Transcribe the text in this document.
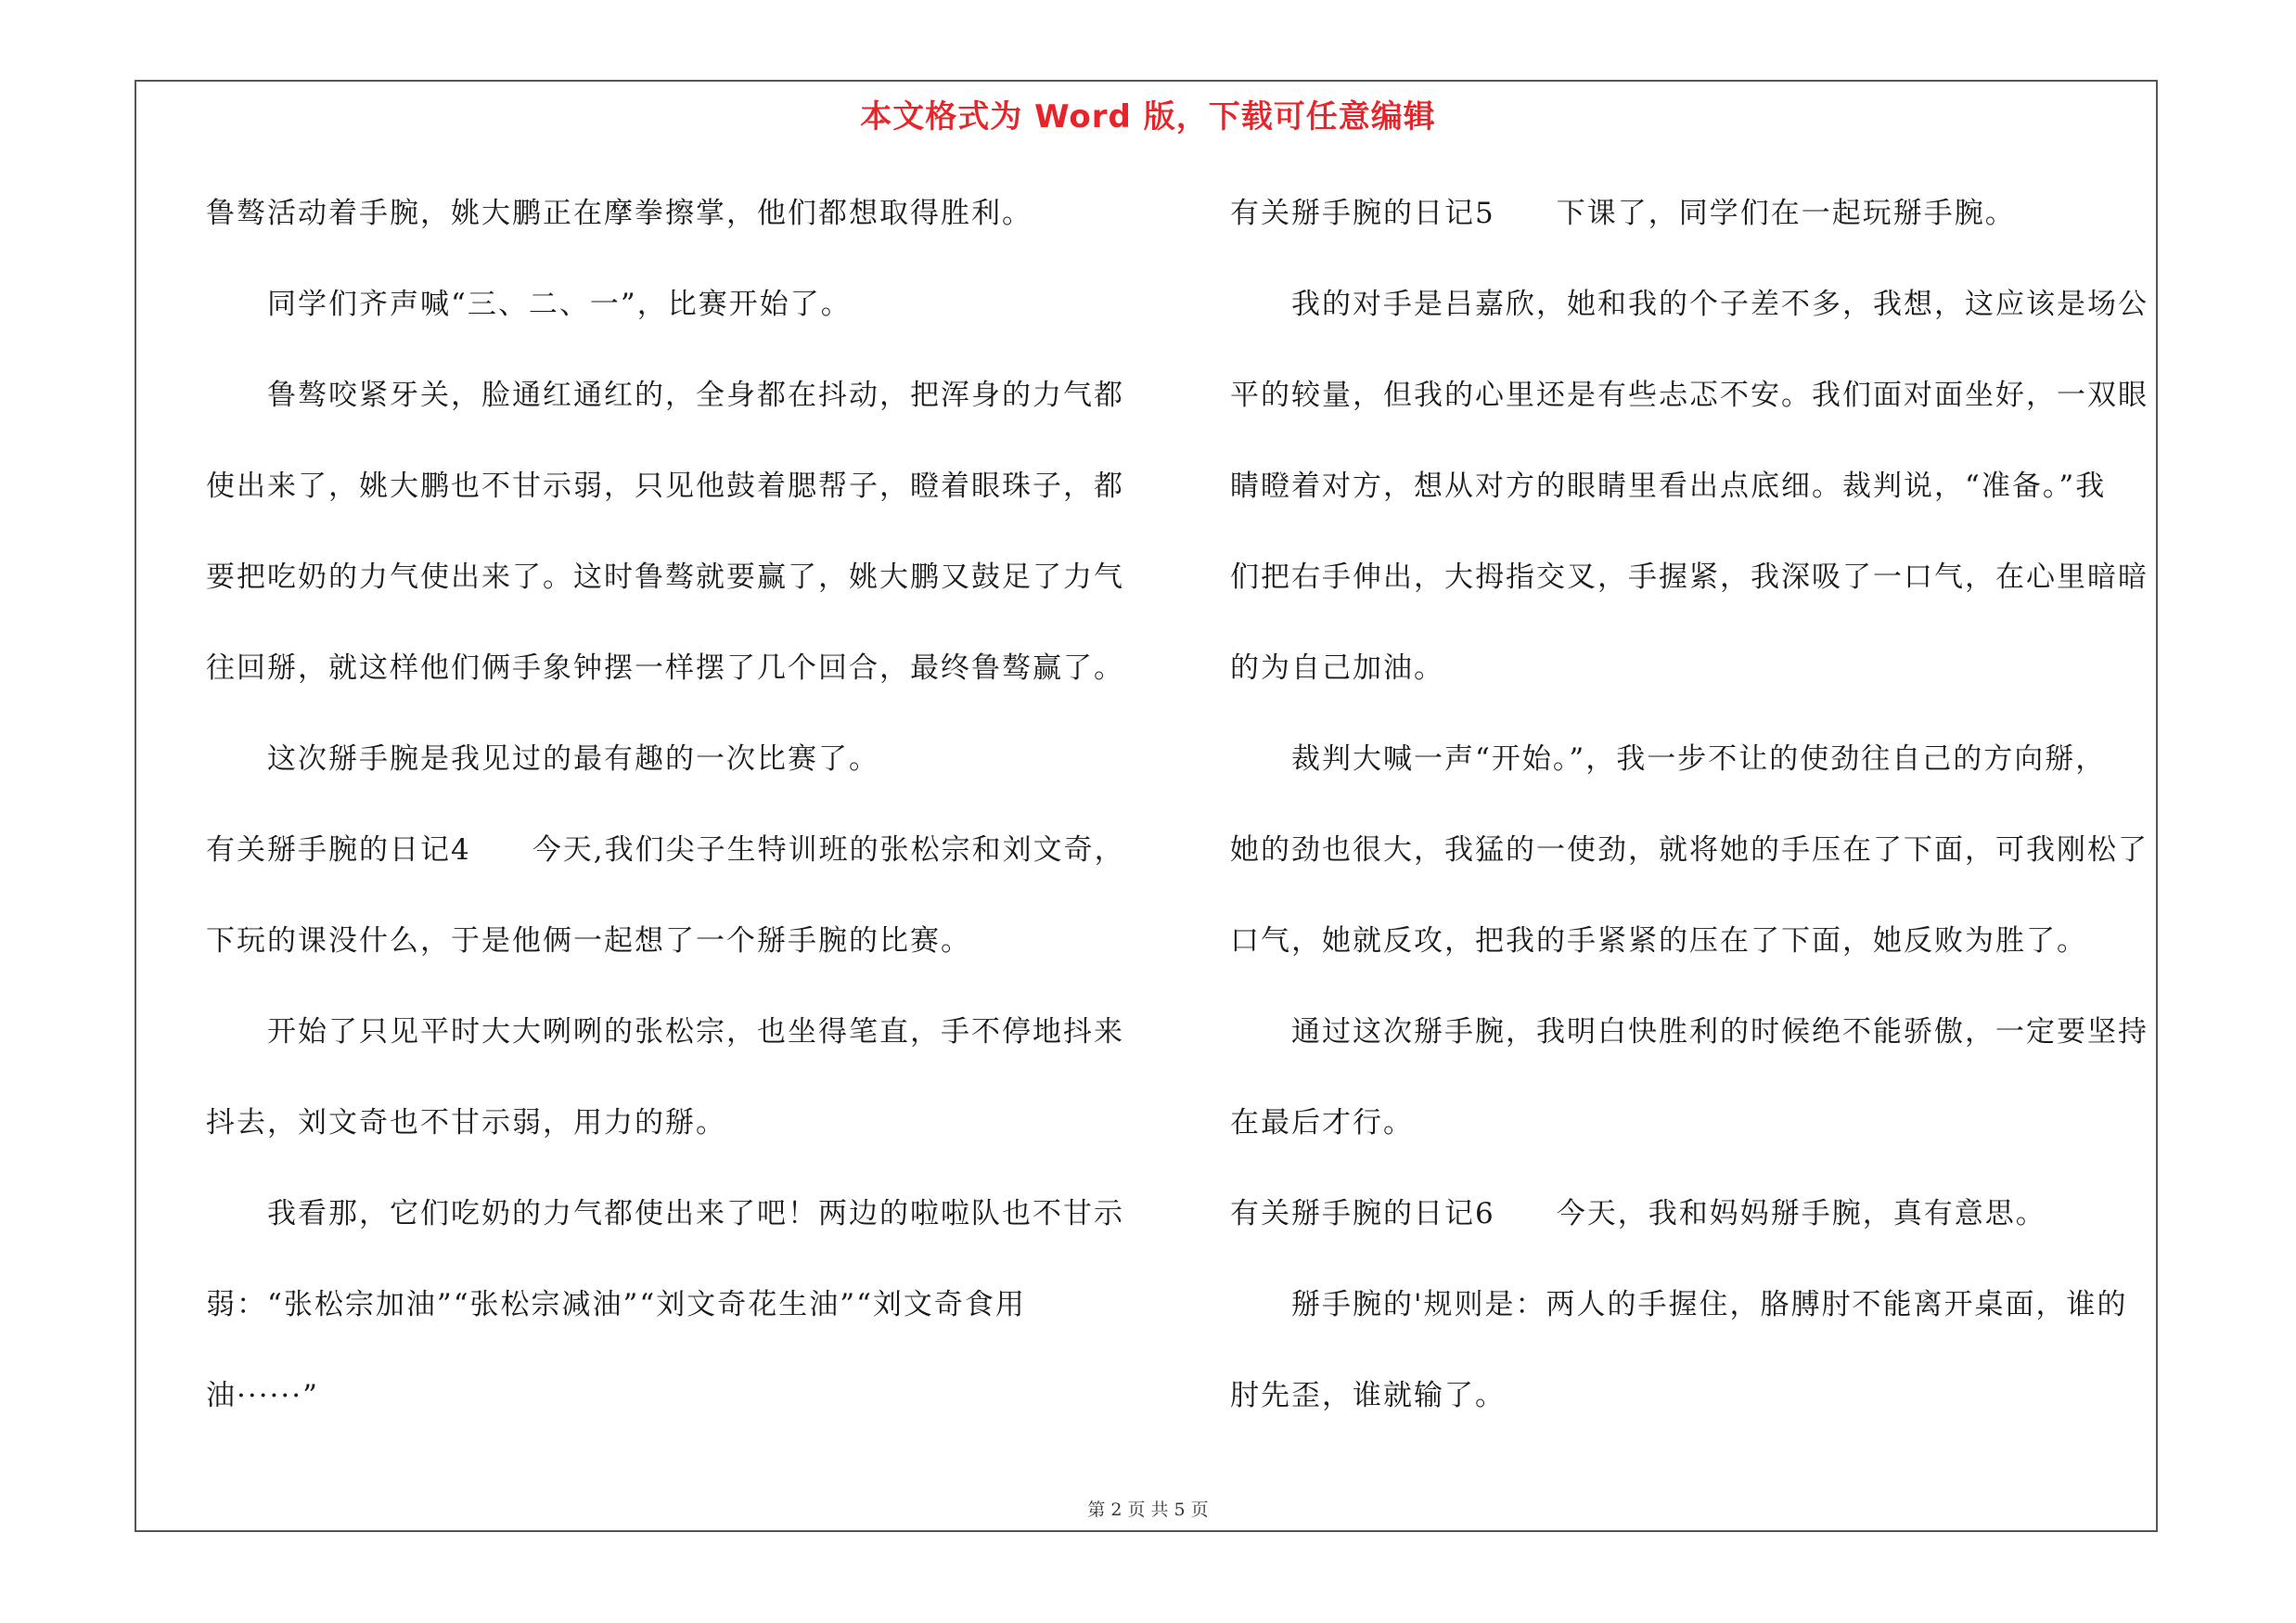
本文格式为 Word 版，下载可任意编辑
鲁骜活动着手腕，姚大鹏正在摩拳擦掌，他们都想取得胜利。
同学们齐声喊“三、二、一”，比赛开始了。
鲁骜咬紧牙关，脸通红通红的，全身都在抖动，把浑身的力气都
使出来了，姚大鹏也不甘示弱，只见他鼓着腮帮子，瞪着眼珠子，都
要把吃奶的力气使出来了。这时鲁骜就要赢了，姚大鹏又鼓足了力气
往回掰，就这样他们俩手象钟摆一样摆了几个回合，最终鲁骜赢了。
这次掰手腕是我见过的最有趣的一次比赛了。
有关掰手腕的日记4　　今天,我们尖子生特训班的张松宗和刘文奇，
下玩的课没什么，于是他俩一起想了一个掰手腕的比赛。
开始了只见平时大大咧咧的张松宗，也坐得笔直，手不停地抖来
抖去，刘文奇也不甘示弱，用力的掰。
我看那，它们吃奶的力气都使出来了吧！两边的啦啦队也不甘示
弱：“张松宗加油”“张松宗减油”“刘文奇花生油”“刘文奇食用
油······”
有关掰手腕的日记5　　下课了，同学们在一起玩掰手腕。
我的对手是吕嘉欣，她和我的个子差不多，我想，这应该是场公
平的较量，但我的心里还是有些忐忑不安。我们面对面坐好，一双眼
睛瞪着对方，想从对方的眼睛里看出点底细。裁判说，“准备。”我
们把右手伸出，大拇指交叉，手握紧，我深吸了一口气，在心里暗暗
的为自己加油。
裁判大喊一声“开始。”，我一步不让的使劲往自己的方向掰，
她的劲也很大，我猛的一使劲，就将她的手压在了下面，可我刚松了
口气，她就反攻，把我的手紧紧的压在了下面，她反败为胜了。
通过这次掰手腕，我明白快胜利的时候绝不能骄傲，一定要坚持
在最后才行。
有关掰手腕的日记6　　今天，我和妈妈掰手腕，真有意思。
掰手腕的'规则是：两人的手握住，胳膊肘不能离开桌面，谁的
肘先歪，谁就输了。
第 2 页 共 5 页
